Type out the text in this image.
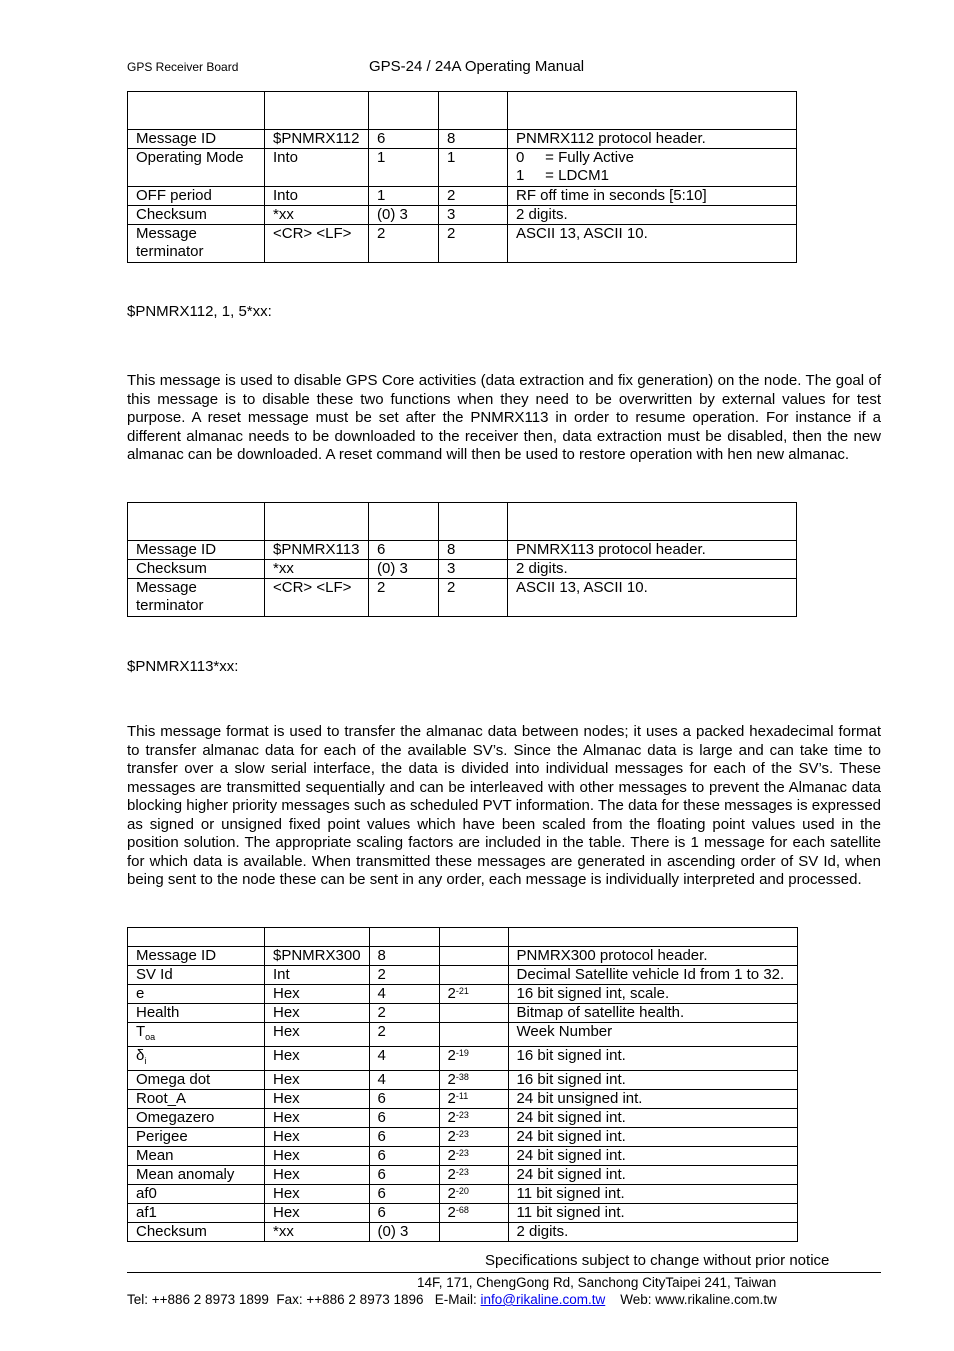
GPS Receiver Board	GPS-24 / 24A Operating Manual

Message ID	$PNMRX112	6	8	PNMRX112 protocol header.
Operating Mode	Into	1	1	0     = Fully Active
1     = LDCM1
OFF period	Into	1	2	RF off time in seconds [5:10]
Checksum	*xx	(0) 3	3	2 digits.
Message
terminator	<CR> <LF>	2	2	ASCII 13, ASCII 10.
$PNMRX112, 1, 5*xx:
This message is used to disable GPS Core activities (data extraction and fix generation) on the node. The goal of this message is to disable these two functions when they need to be overwritten by external values for test purpose. A reset message must be set after the PNMRX113 in order to resume operation. For instance if a different almanac needs to be downloaded to the receiver then, data extraction must be disabled, then the new almanac can be downloaded. A reset command will then be used to restore operation with hen new almanac.

Message ID	$PNMRX113	6	8	PNMRX113 protocol header.
Checksum	*xx	(0) 3	3	2 digits.
Message
terminator	<CR> <LF>	2	2	ASCII 13, ASCII 10.
$PNMRX113*xx:
This message format is used to transfer the almanac data between nodes; it uses a packed hexadecimal format to transfer almanac data for each of the available SV’s. Since the Almanac data is large and can take time to transfer over a slow serial interface, the data is divided into individual messages for each of the SV’s. These messages are transmitted sequentially and can be interleaved with other messages to prevent the Almanac data blocking higher priority messages such as scheduled PVT information. The data for these messages is expressed as signed or unsigned fixed point values which have been scaled from the floating point values used in the position solution. The appropriate scaling factors are included in the table. There is 1 message for each satellite for which data is available. When transmitted these messages are generated in ascending order of SV Id, when being sent to the node these can be sent in any order, each message is individually interpreted and processed.

Message ID	$PNMRX300	8		PNMRX300 protocol header.
SV Id	Int	2		Decimal Satellite vehicle Id from 1 to 32.
e	Hex	4	$2^{-21}$	16 bit signed int, scale.
Health	Hex	2		Bitmap of satellite health.
$T_{oa}$	Hex	2		Week Number
$\delta_i$	Hex	4	$2^{-19}$	16 bit signed int.
Omega dot	Hex	4	$2^{-38}$	16 bit signed int.
Root_A	Hex	6	$2^{-11}$	24 bit unsigned int.
Omegazero	Hex	6	$2^{-23}$	24 bit signed int.
Perigee	Hex	6	$2^{-23}$	24 bit signed int.
Mean	Hex	6	$2^{-23}$	24 bit signed int.
Mean anomaly	Hex	6	$2^{-23}$	24 bit signed int.
af0	Hex	6	$2^{-20}$	11 bit signed int.
af1	Hex	6	$2^{-68}$	11 bit signed int.
Checksum	*xx	(0) 3		2 digits.
Specifications subject to change without prior notice
14F, 171, ChengGong Rd, Sanchong CityTaipei 241, Taiwan
Tel: ++886 2 8973 1899  Fax: ++886 2 8973 1896   E-Mail: info@rikaline.com.tw Web: www.rikaline.com.tw
